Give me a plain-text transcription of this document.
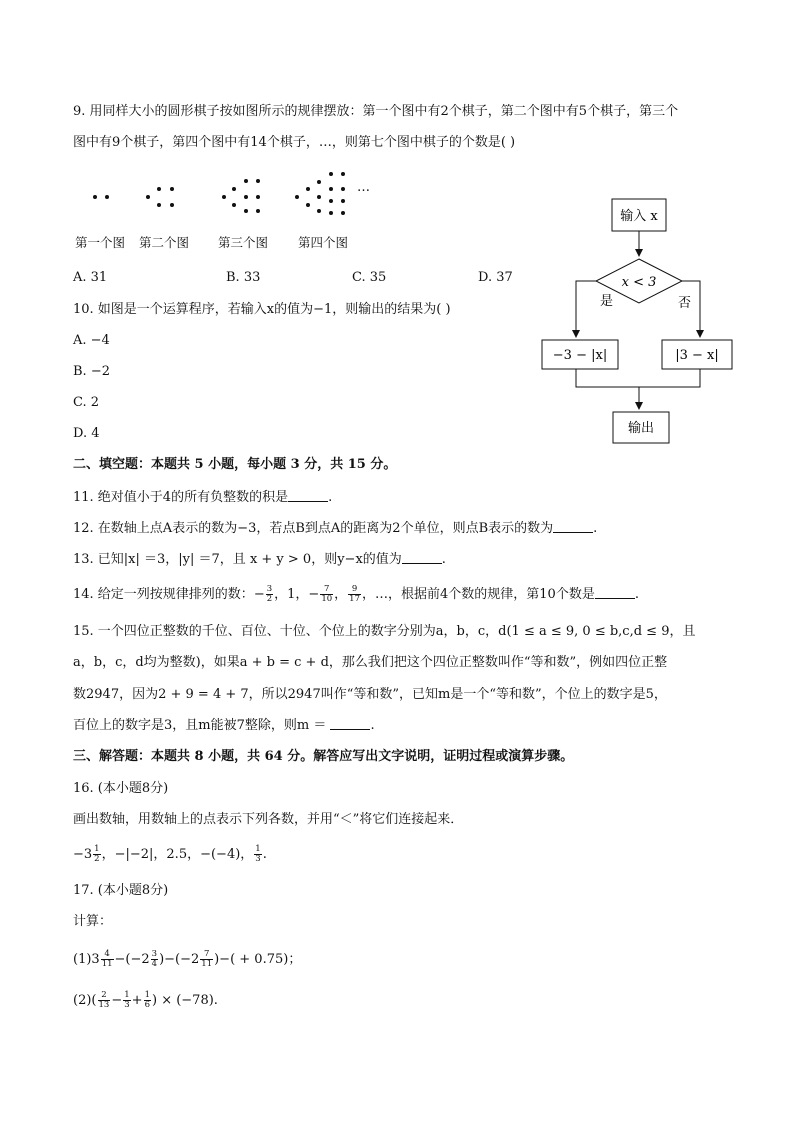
9. 用同样大小的圆形棋子按如图所示的规律摆放：第一个图中有2个棋子，第二个图中有5个棋子，第三个
图中有9个棋子，第四个图中有14个棋子，…，则第七个图中棋子的个数是( )
…
第一个图 第二个图 第三个图 第四个图
A. 31	B. 33	C. 35	D. 37
10. 如图是一个运算程序，若输入x的值为−1，则输出的结果为( )
A. −4
B. −2
C. 2
D. 4
输入 x
x < 3
是	否
−3 − |x|	|3 − x|
输出
二、填空题：本题共 5 小题，每小题 3 分，共 15 分。
11. 绝对值小于4的所有负整数的积是	.
12. 在数轴上点A表示的数为−3，若点B到点A的距离为2个单位，则点B表示的数为	.
13. 已知|x| ＝3，|y| ＝7，且 x + y > 0，则y−x的值为	.
14. 给定一列按规律排列的数：− $\frac{3}{2}$ ，1，− $\frac{7}{10}$ ， $\frac{9}{17}$ ，…，根据前4个数的规律，第10个数是	.
15. 一个四位正整数的千位、百位、十位、个位上的数字分别为a，b，c，d(1 ≤ a ≤ 9, 0 ≤ b,c,d ≤ 9，且
a，b，c，d均为整数)，如果a + b = c + d，那么我们把这个四位正整数叫作“等和数”，例如四位正整
数2947，因为2 + 9 = 4 + 7，所以2947叫作“等和数”，已知m是一个“等和数”，个位上的数字是5，
百位上的数字是3，且m能被7整除，则m ＝	.
三、解答题：本题共 8 小题，共 64 分。解答应写出文字说明，证明过程或演算步骤。
16. (本小题8分)
画出数轴，用数轴上的点表示下列各数，并用“＜”将它们连接起来．
$-3 \frac{1}{2}$ ，−|−2|，2.5，−(−4)， $\frac{1}{3}$ .
17. (本小题8分)
计算：
$(1)3 \frac{4}{11} -(-2 \frac{3}{4} )-(-2 \frac{7}{11}$ )−( + 0.75)；
$(2)( \frac{2}{13} - \frac{1}{3} + \frac{1}{6}$ ) × (−78).
